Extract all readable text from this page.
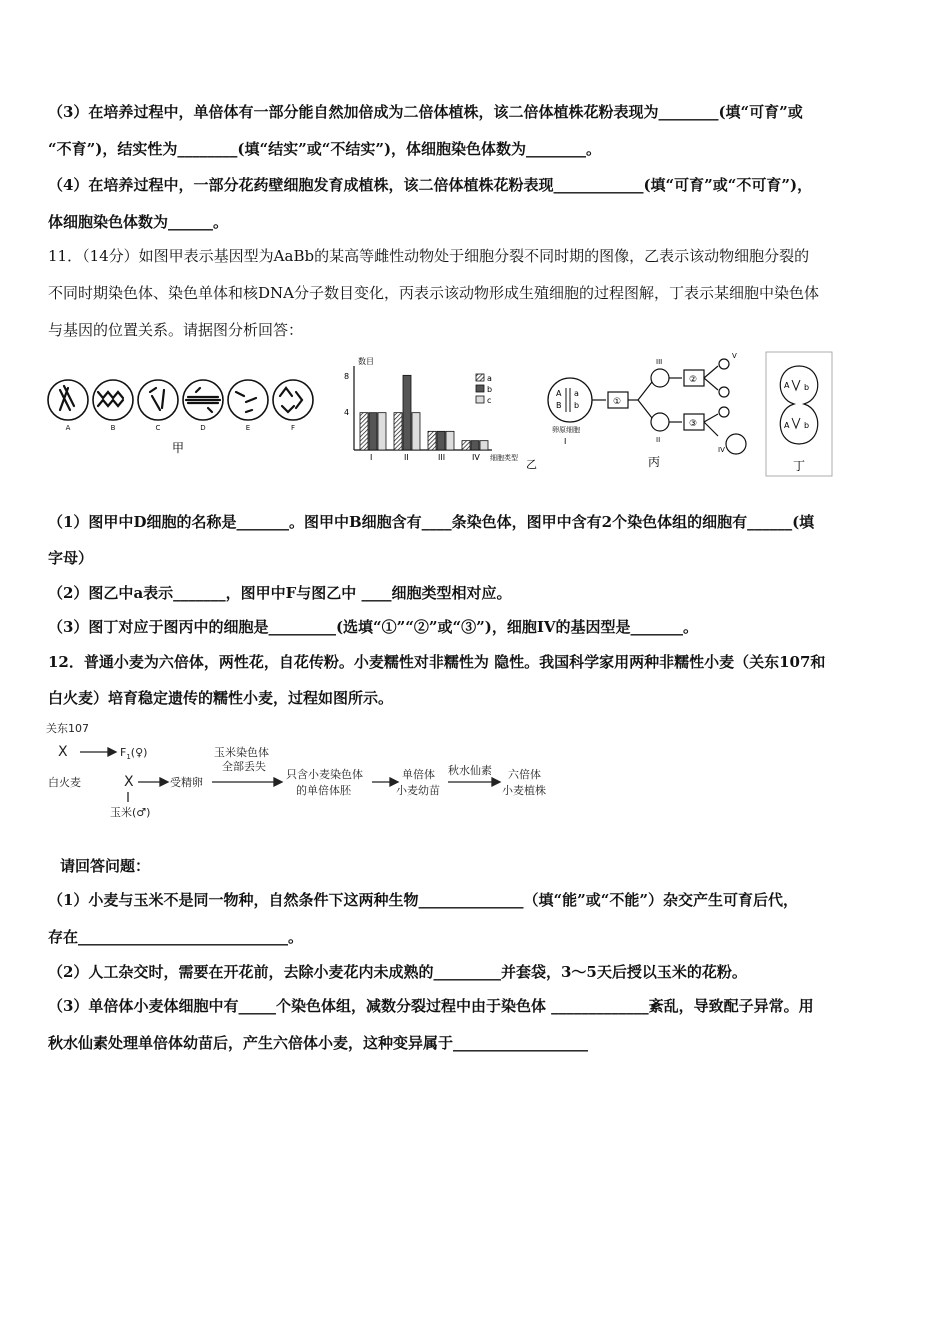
（3）在培养过程中，单倍体有一部分能自然加倍成为二倍体植株，该二倍体植株花粉表现为________(填“可育”或
“不育”)，结实性为________(填“结实”或“不结实”)，体细胞染色体数为________。
（4）在培养过程中，一部分花药壁细胞发育成植株，该二倍体植株花粉表现____________(填“可育”或“不可育”)，
体细胞染色体数为______。
11．（14分）如图甲表示基因型为AaBb的某高等雌性动物处于细胞分裂不同时期的图像，乙表示该动物细胞分裂的
不同时期染色体、染色单体和核DNA分子数目变化，丙表示该动物形成生殖细胞的过程图解，丁表示某细胞中染色体
与基因的位置关系。请据图分析回答：
A	B	C	D	E	F
甲
数目
4
8
细胞类型 乙
I	II	III	IV
a
b
c
A a
B b
卵原细胞
I
①
②
③
III
II
V
IV
丙
A b
A b
丁
（1）图甲中D细胞的名称是_______。图甲中B细胞含有____条染色体，图甲中含有2个染色体组的细胞有______(填
字母）
（2）图乙中a表示_______，图甲中F与图乙中 ____细胞类型相对应。
（3）图丁对应于图丙中的细胞是_________(选填“①”“②”或“③”)，细胞IV的基因型是_______。
12．普通小麦为六倍体，两性花，自花传粉。小麦糯性对非糯性为 隐性。我国科学家用两种非糯性小麦（关东107和
白火麦）培育稳定遗传的糯性小麦，过程如图所示。
关东107
X
白火麦
$F_1(♀)$
X	受精卵
玉米(♂)
玉米染色体
全部丢失
只含小麦染色体
的单倍体胚
单倍体
小麦幼苗
秋水仙素 六倍体
小麦植株
请回答问题：
（1）小麦与玉米不是同一物种，自然条件下这两种生物______________（填“能”或“不能”）杂交产生可育后代，
存在____________________________。
（2）人工杂交时，需要在开花前，去除小麦花内未成熟的_________并套袋，3～5天后授以玉米的花粉。
（3）单倍体小麦体细胞中有_____个染色体组，减数分裂过程中由于染色体 _____________紊乱，导致配子异常。用
秋水仙素处理单倍体幼苗后，产生六倍体小麦，这种变异属于__________________
